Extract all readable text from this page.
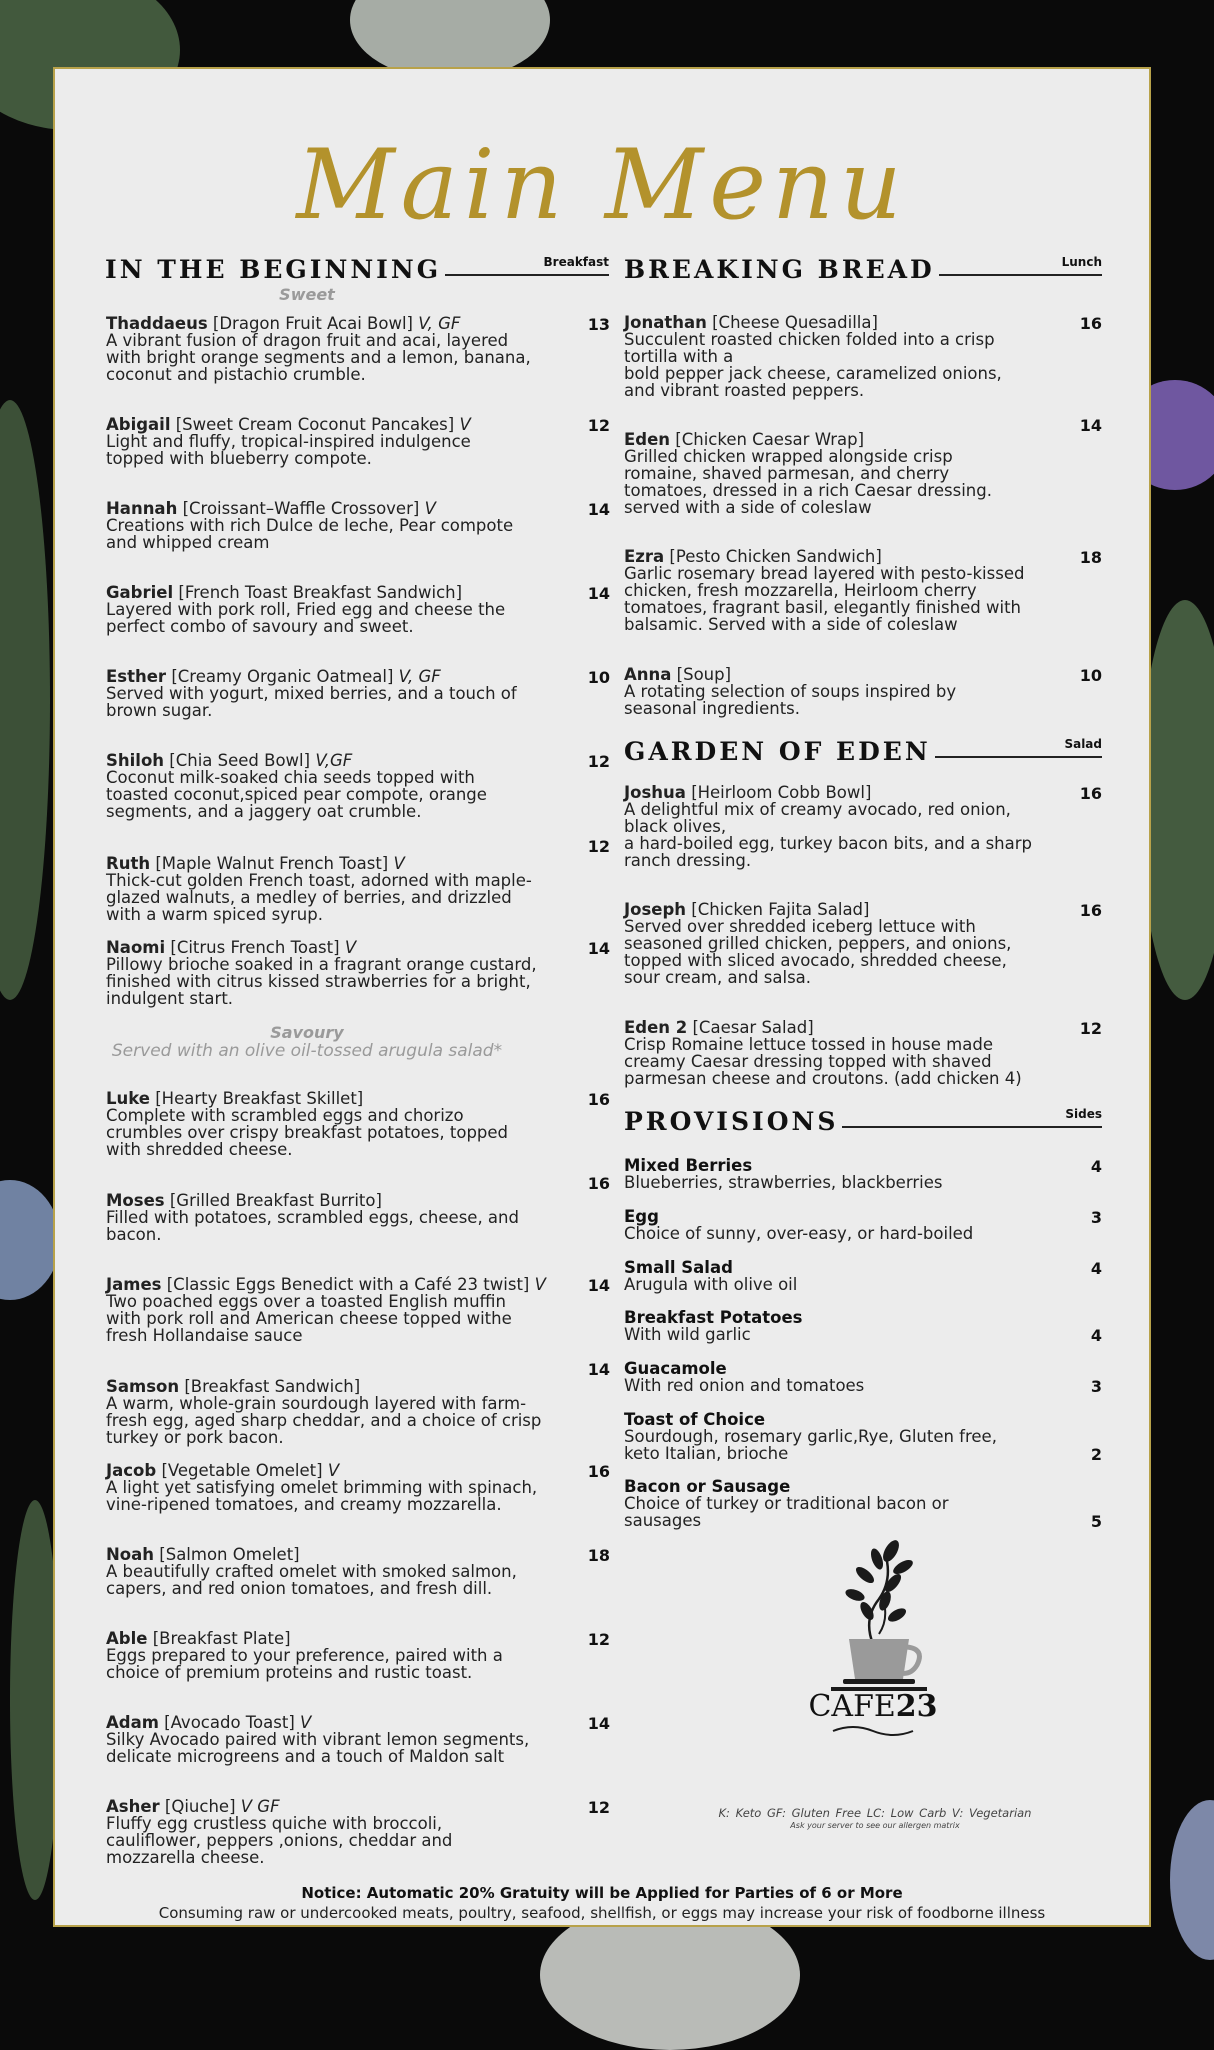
Main Menu
IN THE BEGINNING	Breakfast
Sweet
Thaddaeus [Dragon Fruit Acai Bowl] V, GF
A vibrant fusion of dragon fruit and acai, layered
with bright orange segments and a lemon, banana,
coconut and pistachio crumble.
13
Abigail [Sweet Cream Coconut Pancakes] V
Light and fluffy, tropical-inspired indulgence
topped with blueberry compote.
12
Hannah [Croissant–Waffle Crossover] V
Creations with rich Dulce de leche, Pear compote
and whipped cream
14
Gabriel [French Toast Breakfast Sandwich]
Layered with pork roll, Fried egg and cheese the
perfect combo of savoury and sweet.
14
Esther [Creamy Organic Oatmeal] V, GF
Served with yogurt, mixed berries, and a touch of
brown sugar.
10
Shiloh [Chia Seed Bowl] V,GF
Coconut milk-soaked chia seeds topped with
toasted coconut,spiced pear compote, orange
segments, and a jaggery oat crumble.
12
Ruth [Maple Walnut French Toast] V
Thick-cut golden French toast, adorned with maple-
glazed walnuts, a medley of berries, and drizzled
with a warm spiced syrup.
12
Naomi [Citrus French Toast] V
Pillowy brioche soaked in a fragrant orange custard,
finished with citrus kissed strawberries for a bright,
indulgent start.
14
Savoury
Served with an olive oil-tossed arugula salad*
Luke [Hearty Breakfast Skillet]
Complete with scrambled eggs and chorizo
crumbles over crispy breakfast potatoes, topped
with shredded cheese.
16
Moses [Grilled Breakfast Burrito]
Filled with potatoes, scrambled eggs, cheese, and
bacon.
16
James [Classic Eggs Benedict with a Café 23 twist] V
Two poached eggs over a toasted English muffin
with pork roll and American cheese topped withe
fresh Hollandaise sauce
14
Samson [Breakfast Sandwich]
A warm, whole-grain sourdough layered with farm-
fresh egg, aged sharp cheddar, and a choice of crisp
turkey or pork bacon.
14
Jacob [Vegetable Omelet] V
A light yet satisfying omelet brimming with spinach,
vine-ripened tomatoes, and creamy mozzarella.
16
Noah [Salmon Omelet]
A beautifully crafted omelet with smoked salmon,
capers, and red onion tomatoes, and fresh dill.
18
Able [Breakfast Plate]
Eggs prepared to your preference, paired with a
choice of premium proteins and rustic toast.
12
Adam [Avocado Toast] V
Silky Avocado paired with vibrant lemon segments,
delicate microgreens and a touch of Maldon salt
14
Asher [Qiuche] V GF
Fluffy egg crustless quiche with broccoli,
cauliflower, peppers ,onions, cheddar and
mozzarella cheese.
12
BREAKING BREAD	Lunch
Jonathan [Cheese Quesadilla]
Succulent roasted chicken folded into a crisp
tortilla with a
bold pepper jack cheese, caramelized onions,
and vibrant roasted peppers.
16
Eden [Chicken Caesar Wrap]
Grilled chicken wrapped alongside crisp
romaine, shaved parmesan, and cherry
tomatoes, dressed in a rich Caesar dressing.
served with a side of coleslaw
14
Ezra [Pesto Chicken Sandwich]
Garlic rosemary bread layered with pesto-kissed
chicken, fresh mozzarella, Heirloom cherry
tomatoes, fragrant basil, elegantly finished with
balsamic. Served with a side of coleslaw
18
Anna [Soup]
A rotating selection of soups inspired by
seasonal ingredients.
10
GARDEN OF EDEN	Salad
Joshua [Heirloom Cobb Bowl]
A delightful mix of creamy avocado, red onion,
black olives,
a hard-boiled egg, turkey bacon bits, and a sharp
ranch dressing.
16
Joseph [Chicken Fajita Salad]
Served over shredded iceberg lettuce with
seasoned grilled chicken, peppers, and onions,
topped with sliced avocado, shredded cheese,
sour cream, and salsa.
16
Eden 2 [Caesar Salad]
Crisp Romaine lettuce tossed in house made
creamy Caesar dressing topped with shaved
parmesan cheese and croutons. (add chicken 4)
12
PROVISIONS	Sides
Mixed Berries
Blueberries, strawberries, blackberries
4
Egg
Choice of sunny, over-easy, or hard-boiled
3
Small Salad
Arugula with olive oil
4
Breakfast Potatoes
With wild garlic	4
Guacamole
With red onion and tomatoes	3
Toast of Choice
Sourdough, rosemary garlic,Rye, Gluten free,
keto Italian, brioche	2
Bacon or Sausage
Choice of turkey or traditional bacon or
sausages	5
CAFE23
K: Keto GF: Gluten Free LC: Low Carb V: Vegetarian
Ask your server to see our allergen matrix
Notice: Automatic 20% Gratuity will be Applied for Parties of 6 or More
Consuming raw or undercooked meats, poultry, seafood, shellfish, or eggs may increase your risk of foodborne illness
